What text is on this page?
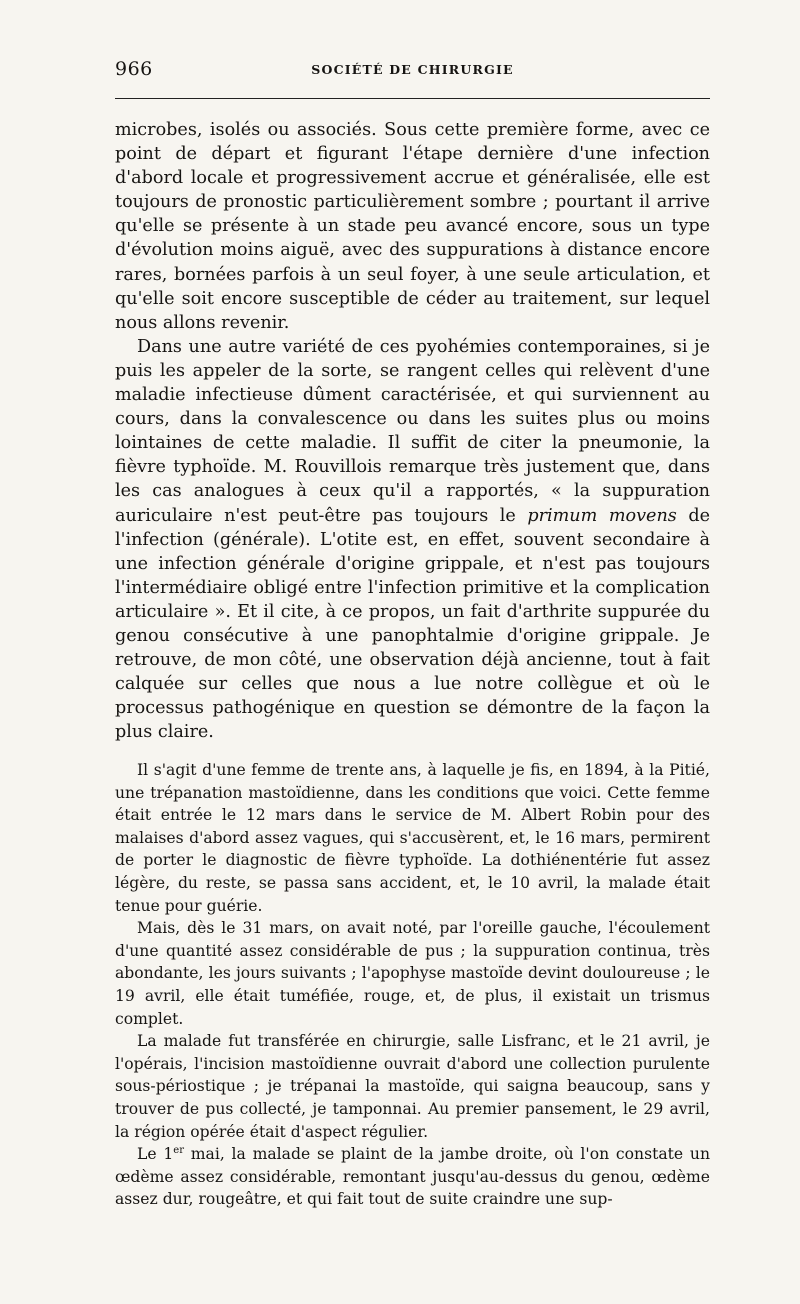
966	SOCIÉTÉ DE CHIRURGIE

microbes, isolés ou associés. Sous cette première forme, avec ce point de départ et figurant l'étape dernière d'une infection d'abord locale et progressivement accrue et généralisée, elle est toujours de pronostic particulièrement sombre ; pourtant il arrive qu'elle se présente à un stade peu avancé encore, sous un type d'évolution moins aiguë, avec des suppurations à distance encore rares, bornées parfois à un seul foyer, à une seule articulation, et qu'elle soit encore susceptible de céder au traitement, sur lequel nous allons revenir.

Dans une autre variété de ces pyohémies contemporaines, si je puis les appeler de la sorte, se rangent celles qui relèvent d'une maladie infectieuse dûment caractérisée, et qui surviennent au cours, dans la convalescence ou dans les suites plus ou moins lointaines de cette maladie. Il suffit de citer la pneumonie, la fièvre typhoïde. M. Rouvillois remarque très justement que, dans les cas analogues à ceux qu'il a rapportés, « la suppuration auriculaire n'est peut-être pas toujours le primum movens de l'infection (générale). L'otite est, en effet, souvent secondaire à une infection générale d'origine grippale, et n'est pas toujours l'intermédiaire obligé entre l'infection primitive et la complication articulaire ». Et il cite, à ce propos, un fait d'arthrite suppurée du genou consécutive à une panophtalmie d'origine grippale. Je retrouve, de mon côté, une observation déjà ancienne, tout à fait calquée sur celles que nous a lue notre collègue et où le processus pathogénique en question se démontre de la façon la plus claire.

Il s'agit d'une femme de trente ans, à laquelle je fis, en 1894, à la Pitié, une trépanation mastoïdienne, dans les conditions que voici. Cette femme était entrée le 12 mars dans le service de M. Albert Robin pour des malaises d'abord assez vagues, qui s'accusèrent, et, le 16 mars, permirent de porter le diagnostic de fièvre typhoïde. La dothiénentérie fut assez légère, du reste, se passa sans accident, et, le 10 avril, la malade était tenue pour guérie.

Mais, dès le 31 mars, on avait noté, par l'oreille gauche, l'écoulement d'une quantité assez considérable de pus ; la suppuration continua, très abondante, les jours suivants ; l'apophyse mastoïde devint douloureuse ; le 19 avril, elle était tuméfiée, rouge, et, de plus, il existait un trismus complet.

La malade fut transférée en chirurgie, salle Lisfranc, et le 21 avril, je l'opérais, l'incision mastoïdienne ouvrait d'abord une collection purulente sous-périostique ; je trépanai la mastoïde, qui saigna beaucoup, sans y trouver de pus collecté, je tamponnai. Au premier pansement, le 29 avril, la région opérée était d'aspect régulier.

Le 1er mai, la malade se plaint de la jambe droite, où l'on constate un œdème assez considérable, remontant jusqu'au-dessus du genou, œdème assez dur, rougeâtre, et qui fait tout de suite craindre une sup-
